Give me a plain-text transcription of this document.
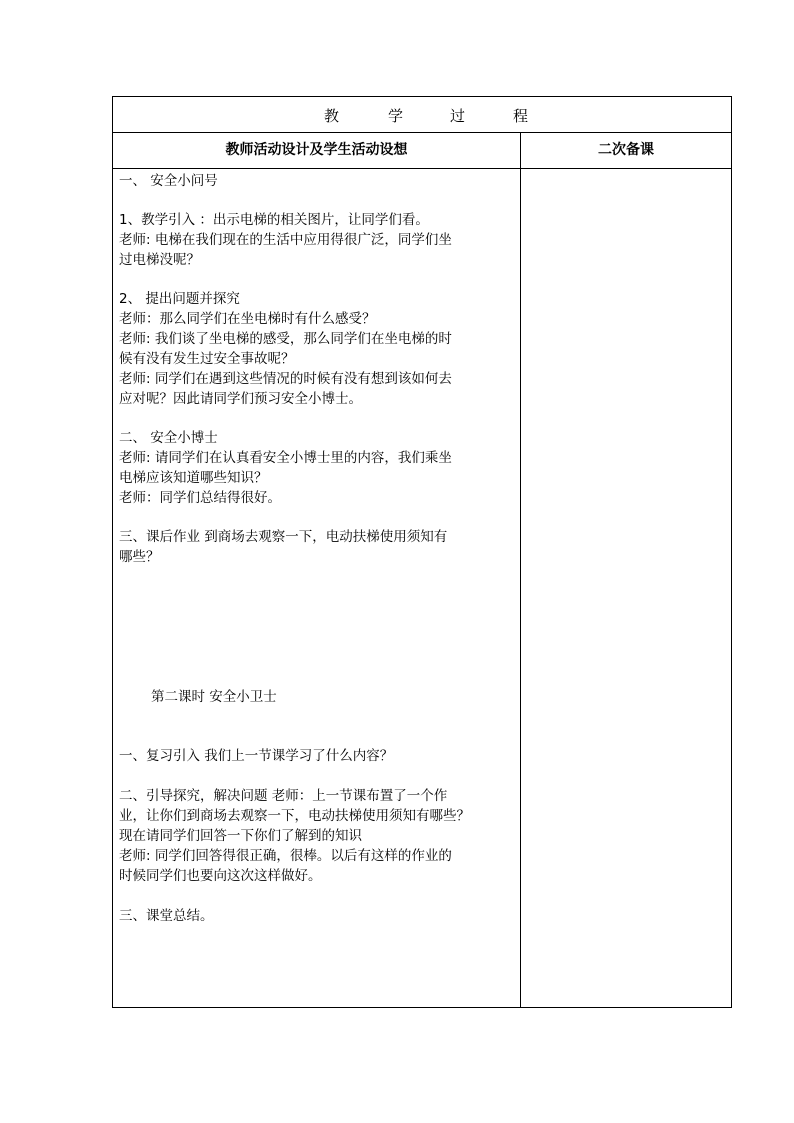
教	学	过	程
教师活动设计及学生活动设想	二次备课
一、 安全小问号
1、教学引入 ：出示电梯的相关图片，让同学们看。
老师: 电梯在我们现在的生活中应用得很广泛，同学们坐
过电梯没呢？
2、 提出问题并探究
老师：那么同学们在坐电梯时有什么感受？
老师: 我们谈了坐电梯的感受，那么同学们在坐电梯的时
候有没有发生过安全事故呢？
老师: 同学们在遇到这些情况的时候有没有想到该如何去
应对呢？因此请同学们预习安全小博士。
二、 安全小博士
老师: 请同学们在认真看安全小博士里的内容，我们乘坐
电梯应该知道哪些知识？
老师：同学们总结得很好。
三、课后作业 到商场去观察一下，电动扶梯使用须知有
哪些？
第二课时 安全小卫士
一、复习引入 我们上一节课学习了什么内容？
二、引导探究，解决问题 老师：上一节课布置了一个作
业，让你们到商场去观察一下，电动扶梯使用须知有哪些？
现在请同学们回答一下你们了解到的知识
老师: 同学们回答得很正确，很棒。以后有这样的作业的
时候同学们也要向这次这样做好。
三、课堂总结。
